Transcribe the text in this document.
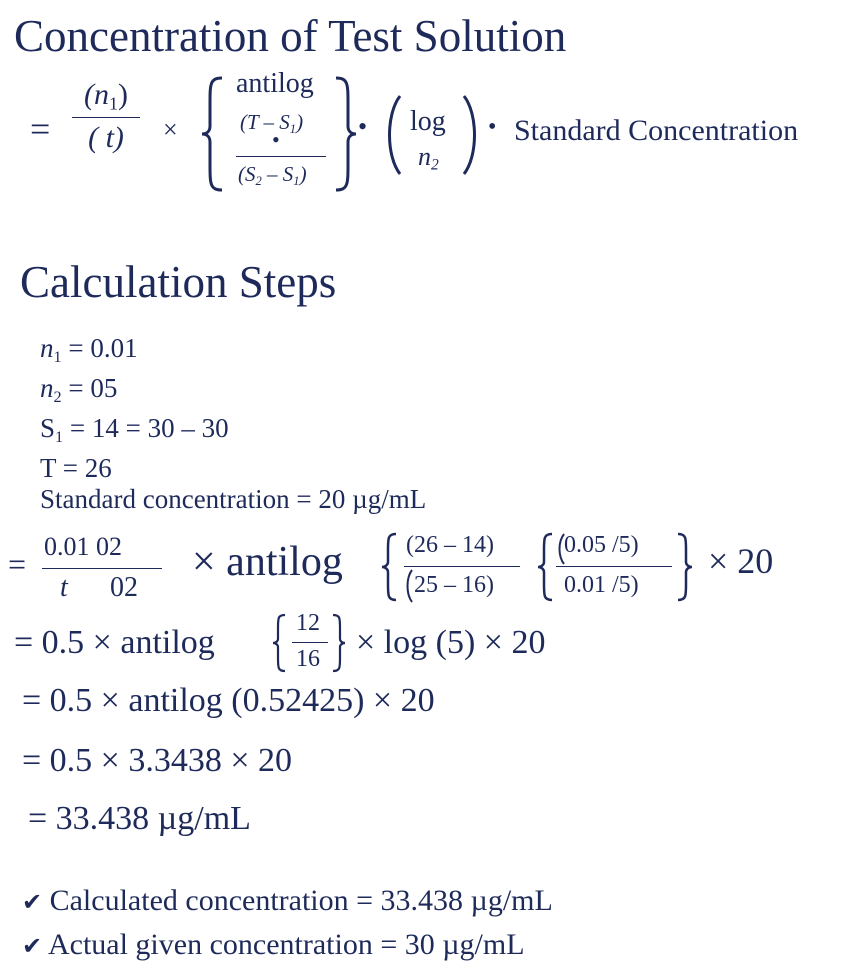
Concentration of Test Solution
=
$(n_1)$
( t)	×
antilog
$(T - S_1)$
•
$(S_2 - S_1)$
• log
$n_2$
• Standard Concentration
Calculation Steps
$n_1 = 0.01$
$n_2 = 05$
$S_1 = 14 = 30 - 30$
T = 26
Standard concentration = 20 µg/mL
= 0.01 02
t 02
× antilog	(26 – 14)
25 – 16)
0.05 /5)
0.01 /5)
× 20
= 0.5 × antilog
12
16 × log (5) × 20
= 0.5 × antilog (0.52425) × 20
= 0.5 × 3.3438 × 20
= 33.438 µg/mL
✔ Calculated concentration = 33.438 µg/mL
✔ Actual given concentration = 30 µg/mL
